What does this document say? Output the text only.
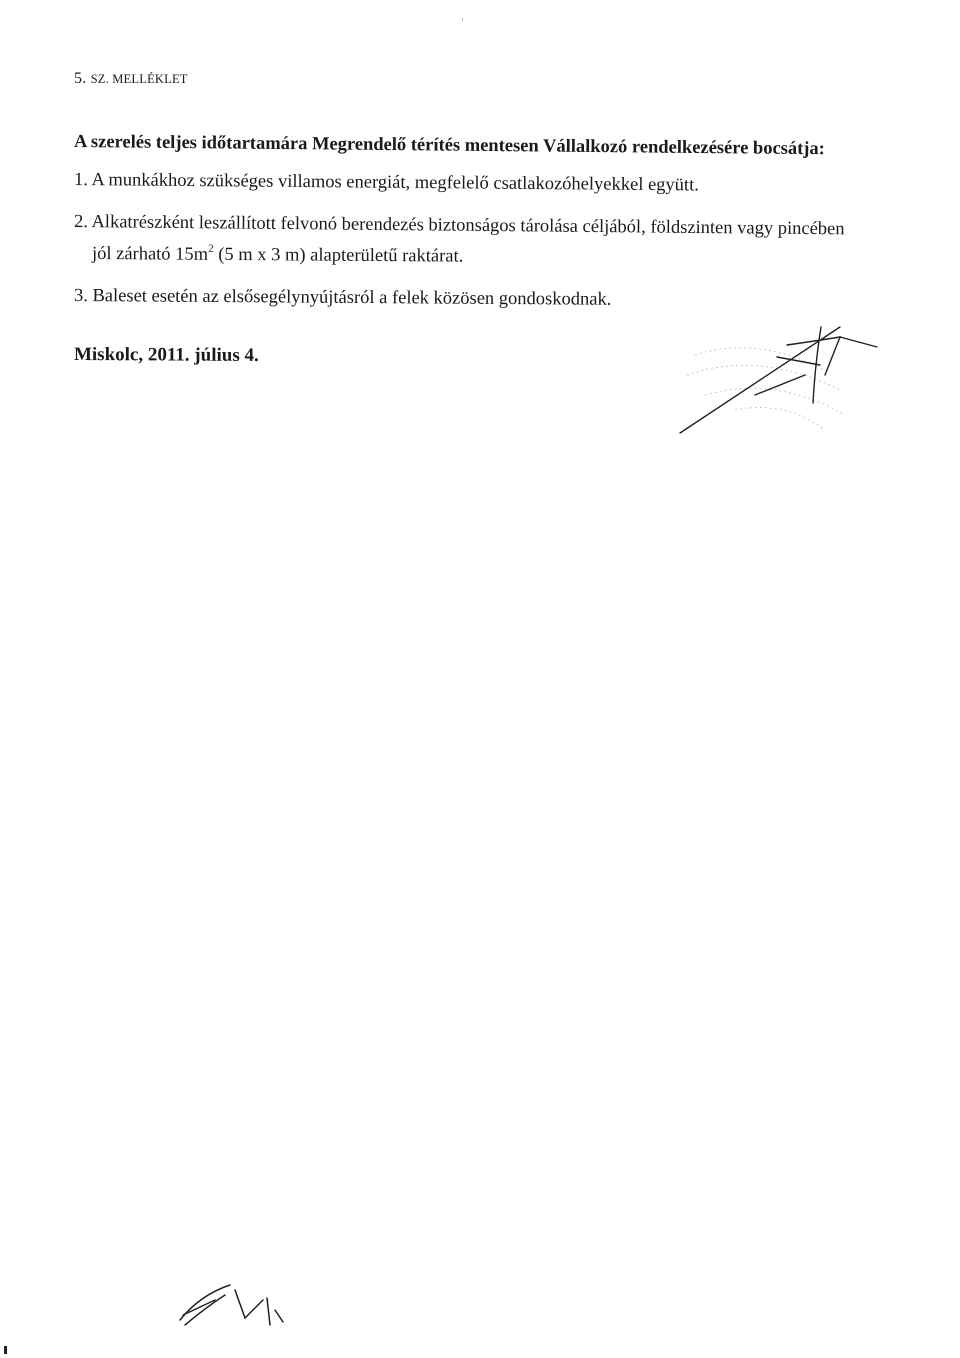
5. SZ. MELLÉKLET
A szerelés teljes időtartamára Megrendelő térítés mentesen Vállalkozó rendelkezésére bocsátja:
1. A munkákhoz szükséges villamos energiát, megfelelő csatlakozóhelyekkel együtt.
2. Alkatrészként leszállított felvonó berendezés biztonságos tárolása céljából, földszinten vagy pincében
jól zárható $15m^2$ (5 m x 3 m) alapterületű raktárat.
3. Baleset esetén az elsősegélynyújtásról a felek közösen gondoskodnak.
Miskolc, 2011. július 4.
